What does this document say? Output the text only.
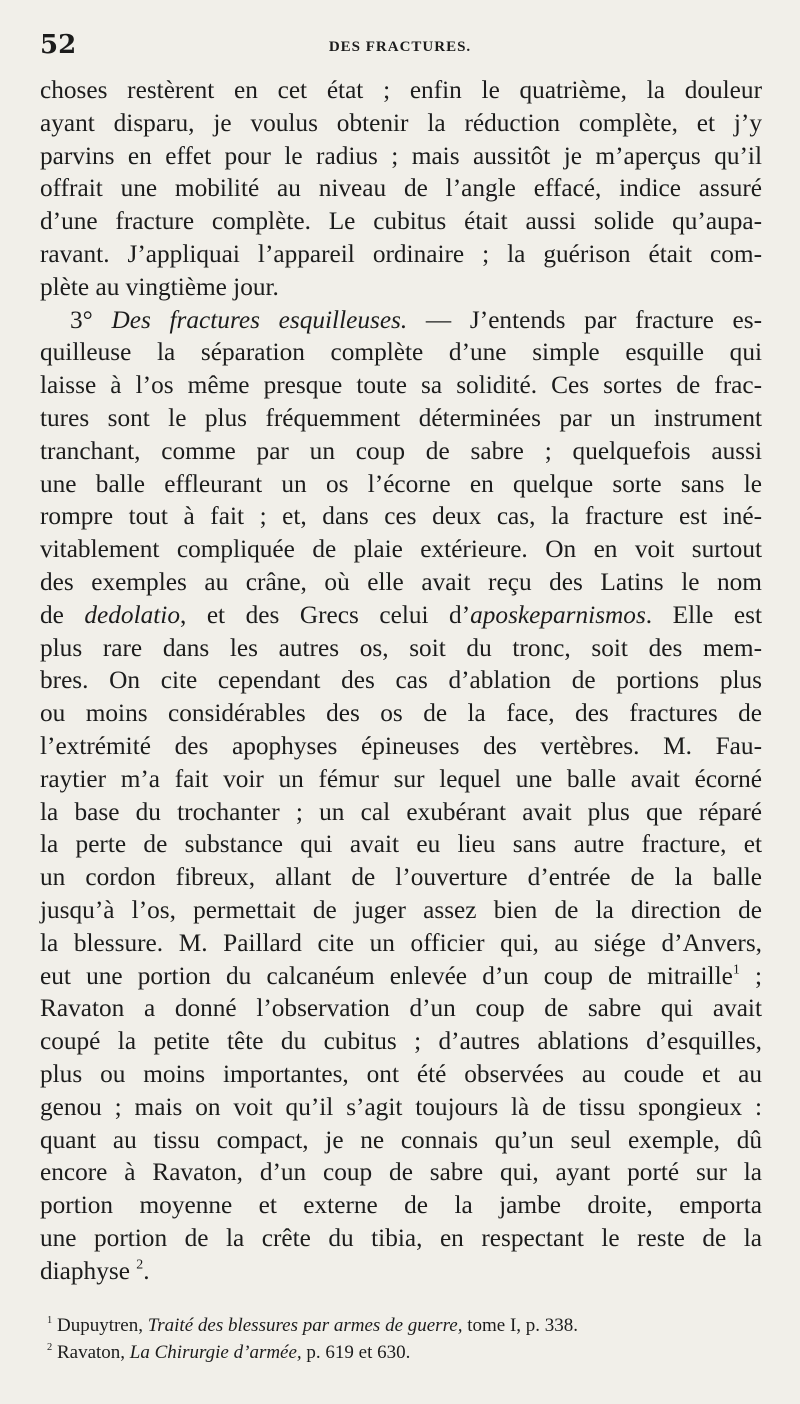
52	DES FRACTURES.
choses restèrent en cet état ; enfin le quatrième, la douleur
ayant disparu, je voulus obtenir la réduction complète, et j’y
parvins en effet pour le radius ; mais aussitôt je m’aperçus qu’il
offrait une mobilité au niveau de l’angle effacé, indice assuré
d’une fracture complète. Le cubitus était aussi solide qu’aupa-
ravant. J’appliquai l’appareil ordinaire ; la guérison était com-
plète au vingtième jour.
3° Des fractures esquilleuses. — J’entends par fracture es-
quilleuse la séparation complète d’une simple esquille qui
laisse à l’os même presque toute sa solidité. Ces sortes de frac-
tures sont le plus fréquemment déterminées par un instrument
tranchant, comme par un coup de sabre ; quelquefois aussi
une balle effleurant un os l’écorne en quelque sorte sans le
rompre tout à fait ; et, dans ces deux cas, la fracture est iné-
vitablement compliquée de plaie extérieure. On en voit surtout
des exemples au crâne, où elle avait reçu des Latins le nom
de dedolatio, et des Grecs celui d’aposkeparnismos. Elle est
plus rare dans les autres os, soit du tronc, soit des mem-
bres. On cite cependant des cas d’ablation de portions plus
ou moins considérables des os de la face, des fractures de
l’extrémité des apophyses épineuses des vertèbres. M. Fau-
raytier m’a fait voir un fémur sur lequel une balle avait écorné
la base du trochanter ; un cal exubérant avait plus que réparé
la perte de substance qui avait eu lieu sans autre fracture, et
un cordon fibreux, allant de l’ouverture d’entrée de la balle
jusqu’à l’os, permettait de juger assez bien de la direction de
la blessure. M. Paillard cite un officier qui, au siége d’Anvers,
eut une portion du calcanéum enlevée d’un coup de mitraille$^1$ ;
Ravaton a donné l’observation d’un coup de sabre qui avait
coupé la petite tête du cubitus ; d’autres ablations d’esquilles,
plus ou moins importantes, ont été observées au coude et au
genou ; mais on voit qu’il s’agit toujours là de tissu spongieux :
quant au tissu compact, je ne connais qu’un seul exemple, dû
encore à Ravaton, d’un coup de sabre qui, ayant porté sur la
portion moyenne et externe de la jambe droite, emporta
une portion de la crête du tibia, en respectant le reste de la
diaphyse $^2$.
$^1$ Dupuytren, Traité des blessures par armes de guerre, tome I, p. 338.
$^2$ Ravaton, La Chirurgie d’armée, p. 619 et 630.
